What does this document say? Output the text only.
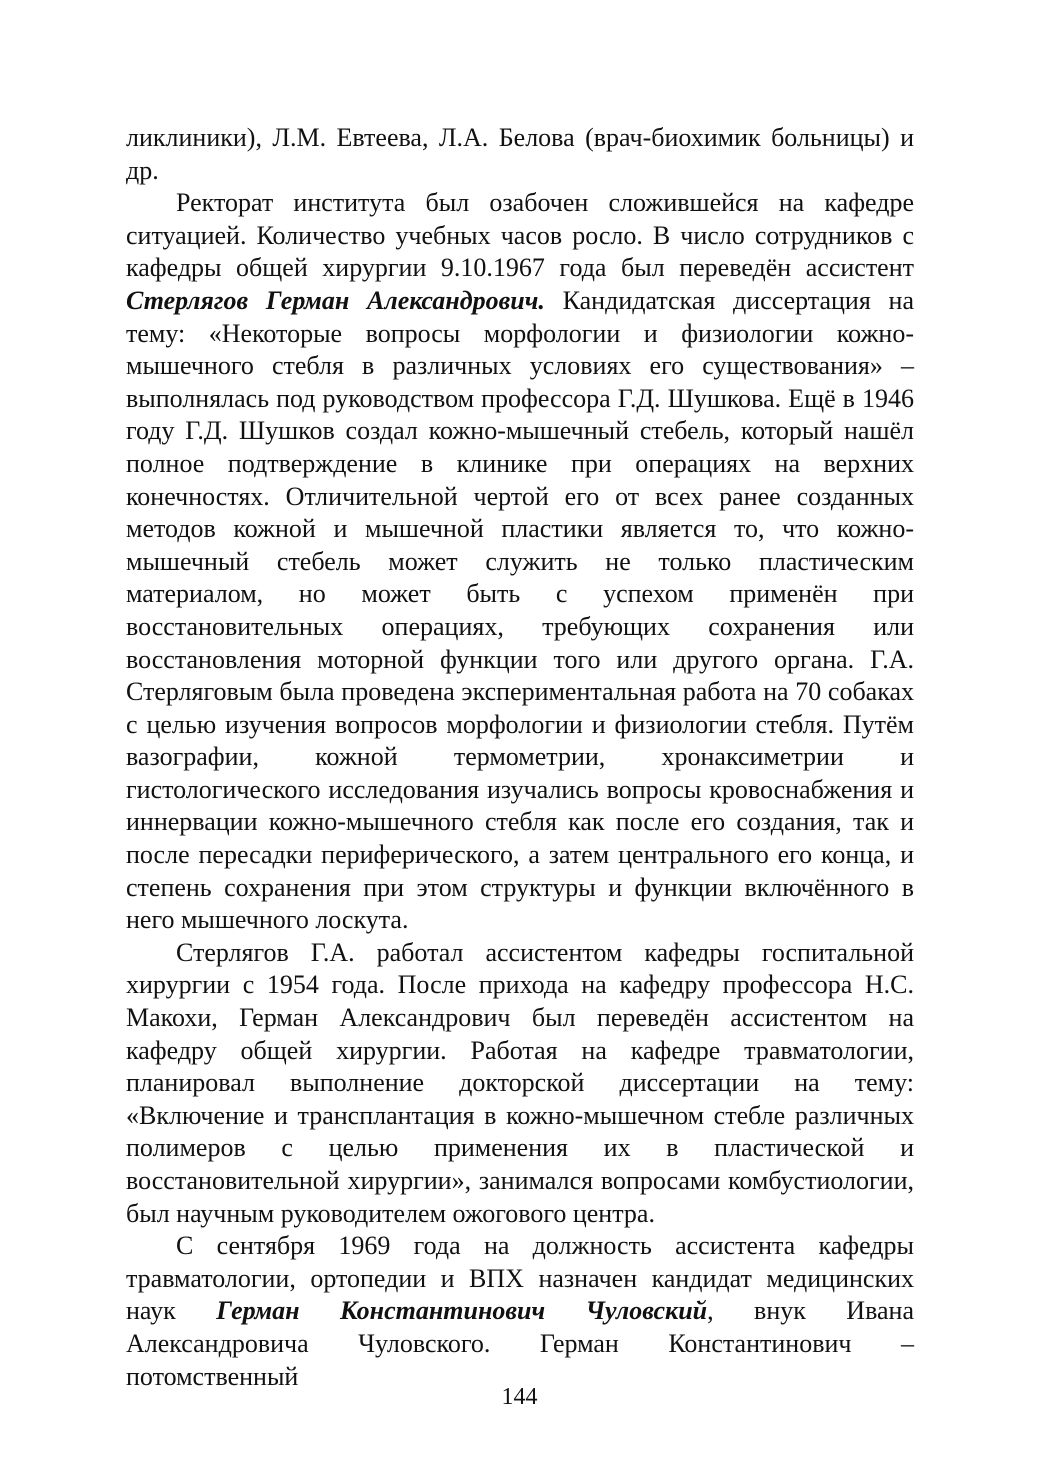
ликлиники), Л.М. Евтеева, Л.А. Белова (врач-биохимик больницы) и др.

Ректорат института был озабочен сложившейся на кафедре ситуацией. Количество учебных часов росло. В число сотрудников с кафедры общей хирургии 9.10.1967 года был переведён ассистент Стерлягов Герман Александрович. Кандидатская диссертация на тему: «Некоторые вопросы морфологии и физиологии кожно-мышечного стебля в различных условиях его существования» – выполнялась под руководством профессора Г.Д. Шушкова. Ещё в 1946 году Г.Д. Шушков создал кожно-мышечный стебель, который нашёл полное подтверждение в клинике при операциях на верхних конечностях. Отличительной чертой его от всех ранее созданных методов кожной и мышечной пластики является то, что кожно-мышечный стебель может служить не только пластическим материалом, но может быть с успехом применён при восстановительных операциях, требующих сохранения или восстановления моторной функции того или другого органа. Г.А. Стерляговым была проведена экспериментальная работа на 70 собаках с целью изучения вопросов морфологии и физиологии стебля. Путём вазографии, кожной термометрии, хронаксиметрии и гистологического исследования изучались вопросы кровоснабжения и иннервации кожно-мышечного стебля как после его создания, так и после пересадки периферического, а затем центрального его конца, и степень сохранения при этом структуры и функции включённого в него мышечного лоскута.

Стерлягов Г.А. работал ассистентом кафедры госпитальной хирургии с 1954 года. После прихода на кафедру профессора Н.С. Макохи, Герман Александрович был переведён ассистентом на кафедру общей хирургии. Работая на кафедре травматологии, планировал выполнение докторской диссертации на тему: «Включение и трансплантация в кожно-мышечном стебле различных полимеров с целью применения их в пластической и восстановительной хирургии», занимался вопросами комбустиологии, был научным руководителем ожогового центра.

С сентября 1969 года на должность ассистента кафедры травматологии, ортопедии и ВПХ назначен кандидат медицинских наук Герман Константинович Чуловский, внук Ивана Александровича Чуловского. Герман Константинович – потомственный

144
